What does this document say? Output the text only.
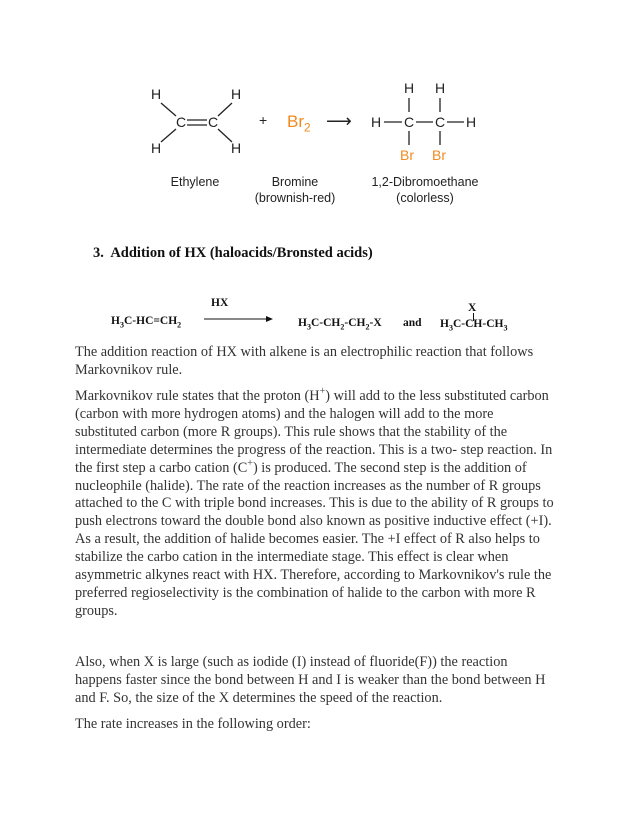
H	H
C C
H	H
+ $Br_2$ ⟶
H H
H C C H
Br Br
Ethylene	Bromine
(brownish-red)
1,2-Dibromoethane
(colorless)
3. Addition of HX (haloacids/Bronsted acids)
HX
$H_3C-HC=CH_2$	$H_3C-CH_2-CH_2-X$ and
X
$H_3C-CH-CH_3$

The addition reaction of HX with alkene is an electrophilic reaction that follows Markovnikov rule.

Markovnikov rule states that the proton (H+) will add to the less substituted carbon (carbon with more hydrogen atoms) and the halogen will add to the more substituted carbon (more R groups). This rule shows that the stability of the intermediate determines the progress of the reaction. This is a two- step reaction. In the first step a carbo cation (C+) is produced. The second step is the addition of nucleophile (halide). The rate of the reaction increases as the number of R groups attached to the C with triple bond increases. This is due to the ability of R groups to push electrons toward the double bond also known as positive inductive effect (+I). As a result, the addition of halide becomes easier. The +I effect of R also helps to stabilize the carbo cation in the intermediate stage. This effect is clear when asymmetric alkynes react with HX. Therefore, according to Markovnikov's rule the preferred regioselectivity is the combination of halide to the carbon with more R groups.

Also, when X is large (such as iodide (I) instead of fluoride(F)) the reaction happens faster since the bond between H and I is weaker than the bond between H and F. So, the size of the X determines the speed of the reaction.

The rate increases in the following order:
